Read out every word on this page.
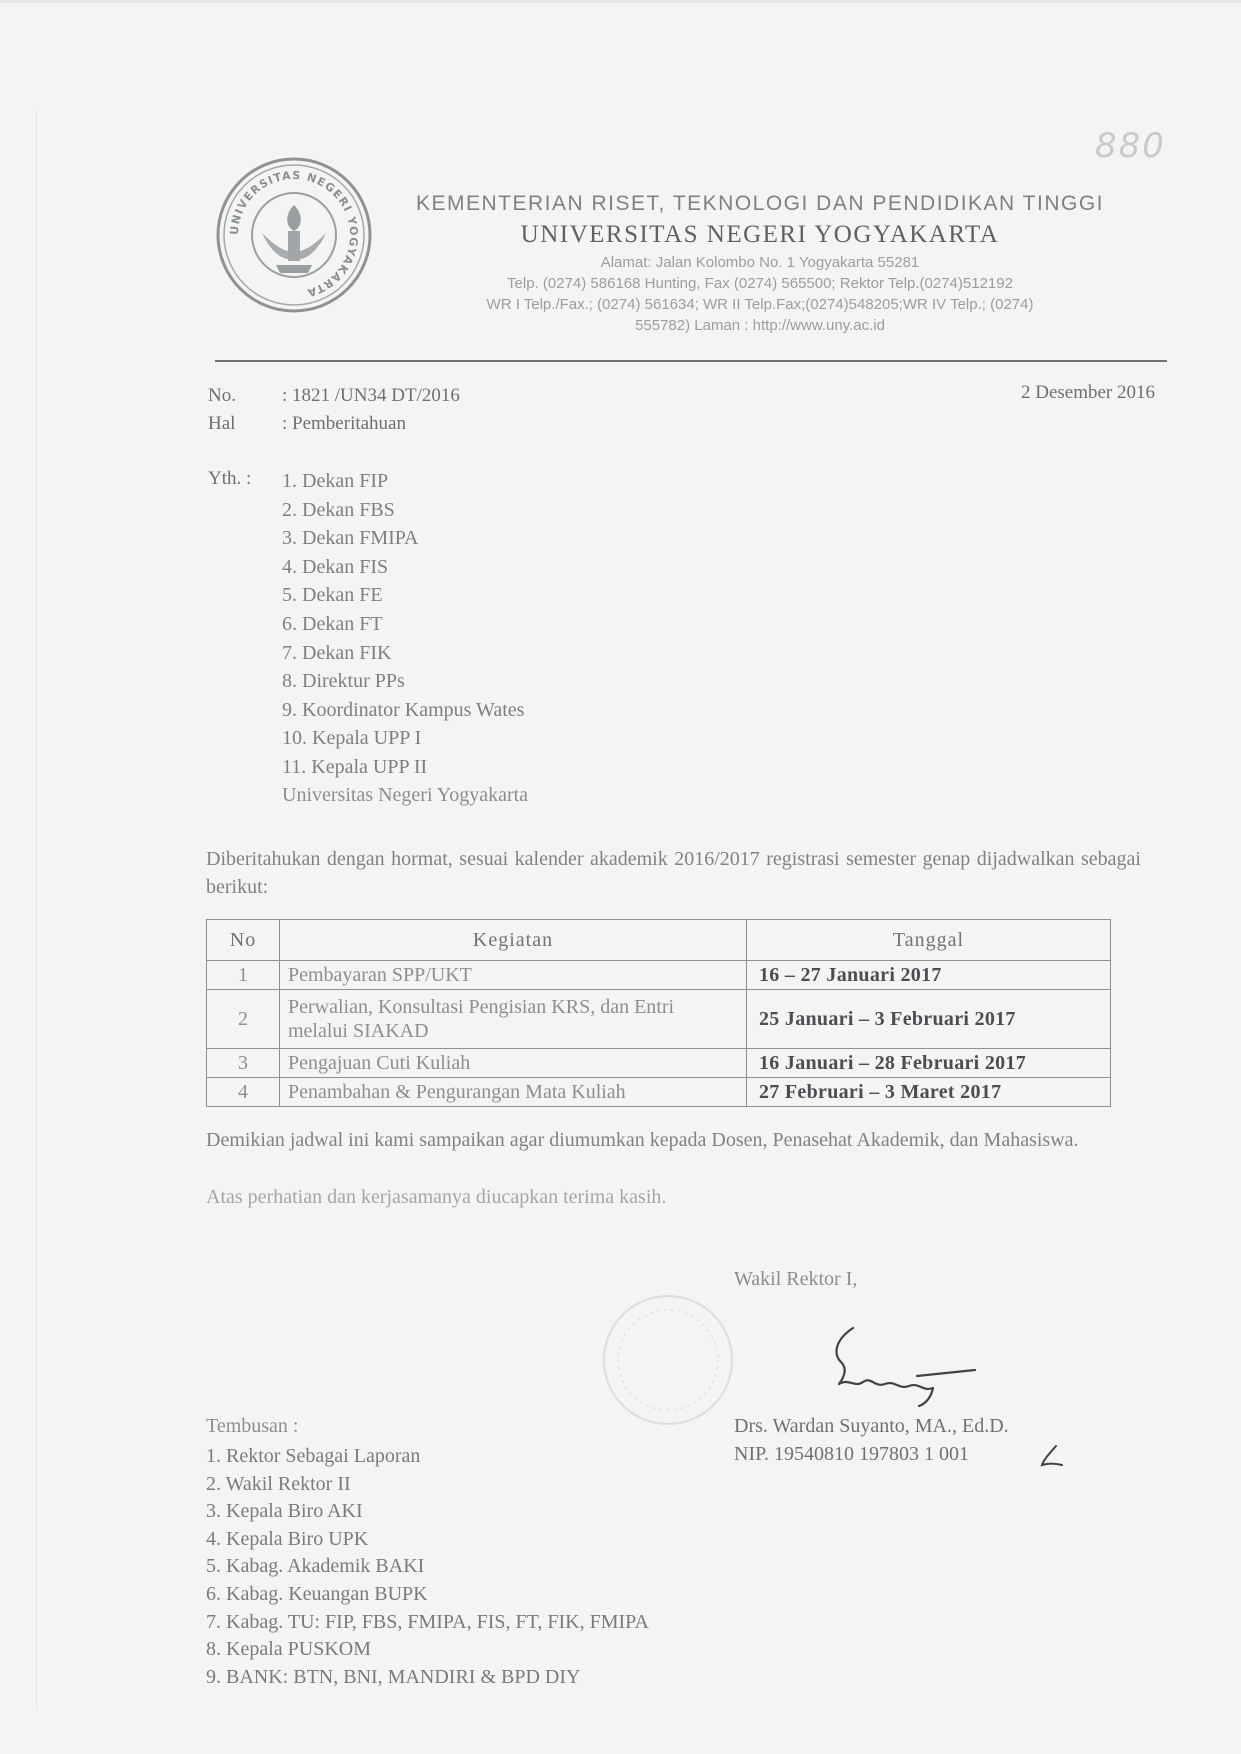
880
UNIVERSITAS NEGERI YOGYAKARTA
KEMENTERIAN RISET, TEKNOLOGI DAN PENDIDIKAN TINGGI
UNIVERSITAS NEGERI YOGYAKARTA
Alamat: Jalan Kolombo No. 1 Yogyakarta 55281
Telp. (0274) 586168 Hunting, Fax (0274) 565500; Rektor Telp.(0274)512192
WR I Telp./Fax.; (0274) 561634; WR II Telp.Fax;(0274)548205;WR IV Telp.; (0274)
555782) Laman : http://www.uny.ac.id
No.	: 1821 /UN34 DT/2016
Hal	: Pemberitahuan
2 Desember 2016
Yth. : 1. Dekan FIP
2. Dekan FBS
3. Dekan FMIPA
4. Dekan FIS
5. Dekan FE
6. Dekan FT
7. Dekan FIK
8. Direktur PPs
9. Koordinator Kampus Wates
10. Kepala UPP I
11. Kepala UPP II
Universitas Negeri Yogyakarta
Diberitahukan dengan hormat, sesuai kalender akademik 2016/2017 registrasi semester genap dijadwalkan sebagai berikut:
No	Kegiatan	Tanggal
1	Pembayaran SPP/UKT	16 – 27 Januari 2017
2	Perwalian, Konsultasi Pengisian KRS, dan Entri melalui SIAKAD	25 Januari – 3 Februari 2017
3	Pengajuan Cuti Kuliah	16 Januari – 28 Februari 2017
4	Penambahan & Pengurangan Mata Kuliah	27 Februari – 3 Maret 2017
Demikian jadwal ini kami sampaikan agar diumumkan kepada Dosen, Penasehat Akademik, dan Mahasiswa.
Atas perhatian dan kerjasamanya diucapkan terima kasih.
Wakil Rektor I,
Drs. Wardan Suyanto, MA., Ed.D.
NIP. 19540810 197803 1 001
Tembusan :
1. Rektor Sebagai Laporan
2. Wakil Rektor II
3. Kepala Biro AKI
4. Kepala Biro UPK
5. Kabag. Akademik BAKI
6. Kabag. Keuangan BUPK
7. Kabag. TU: FIP, FBS, FMIPA, FIS, FT, FIK, FMIPA
8. Kepala PUSKOM
9. BANK: BTN, BNI, MANDIRI & BPD DIY
